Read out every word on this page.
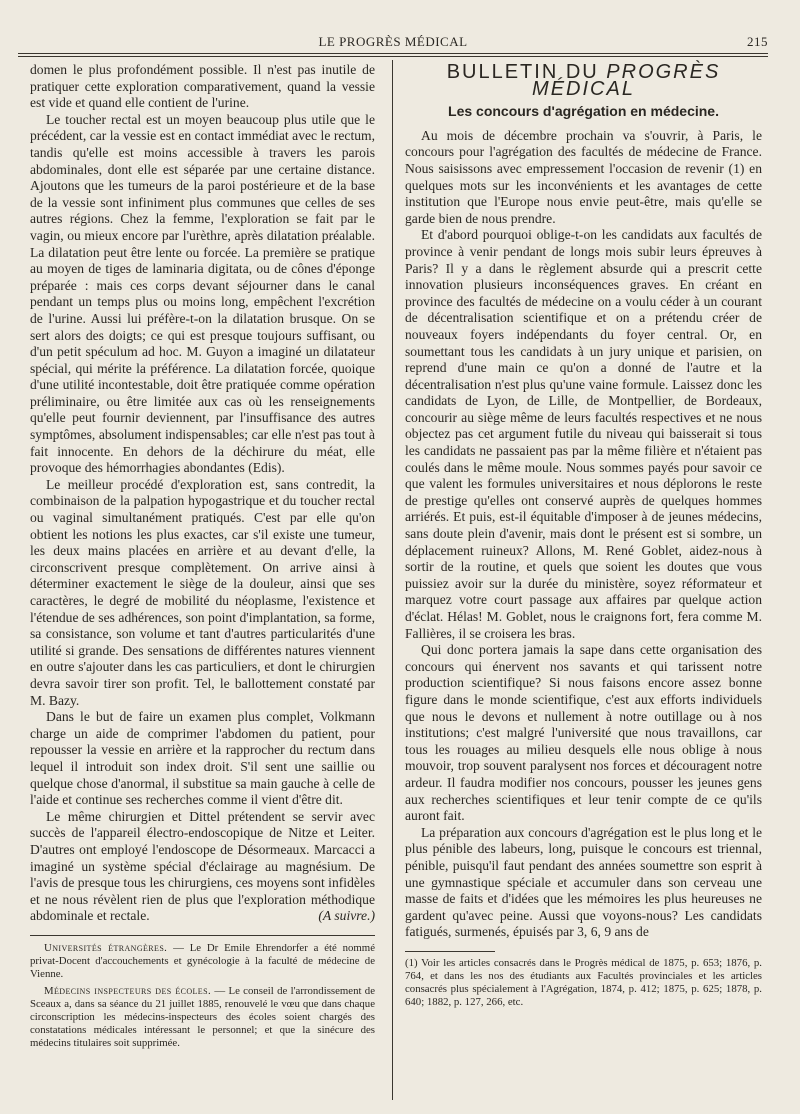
LE PROGRÈS MÉDICAL	215

domen le plus profondément possible. Il n'est pas inutile de pratiquer cette exploration comparativement, quand la vessie est vide et quand elle contient de l'urine.

Le toucher rectal est un moyen beaucoup plus utile que le précédent, car la vessie est en contact immédiat avec le rectum, tandis qu'elle est moins accessible à travers les parois abdominales, dont elle est séparée par une certaine distance. Ajoutons que les tumeurs de la paroi postérieure et de la base de la vessie sont infiniment plus communes que celles de ses autres régions. Chez la femme, l'exploration se fait par le vagin, ou mieux encore par l'urèthre, après dilatation préalable. La dilatation peut être lente ou forcée. La première se pratique au moyen de tiges de laminaria digitata, ou de cônes d'éponge préparée : mais ces corps devant séjourner dans le canal pendant un temps plus ou moins long, empêchent l'excrétion de l'urine. Aussi lui préfère-t-on la dilatation brusque. On se sert alors des doigts; ce qui est presque toujours suffisant, ou d'un petit spéculum ad hoc. M. Guyon a imaginé un dilatateur spécial, qui mérite la préférence. La dilatation forcée, quoique d'une utilité incontestable, doit être pratiquée comme opération préliminaire, ou être limitée aux cas où les renseignements qu'elle peut fournir deviennent, par l'insuffisance des autres symptômes, absolument indispensables; car elle n'est pas tout à fait innocente. En dehors de la déchirure du méat, elle provoque des hémorrhagies abondantes (Edis).

Le meilleur procédé d'exploration est, sans contredit, la combinaison de la palpation hypogastrique et du toucher rectal ou vaginal simultanément pratiqués. C'est par elle qu'on obtient les notions les plus exactes, car s'il existe une tumeur, les deux mains placées en arrière et au devant d'elle, la circonscrivent presque complètement. On arrive ainsi à déterminer exactement le siège de la douleur, ainsi que ses caractères, le degré de mobilité du néoplasme, l'existence et l'étendue de ses adhérences, son point d'implantation, sa forme, sa consistance, son volume et tant d'autres particularités d'une utilité si grande. Des sensations de différentes natures viennent en outre s'ajouter dans les cas particuliers, et dont le chirurgien devra savoir tirer son profit. Tel, le ballottement constaté par M. Bazy.

Dans le but de faire un examen plus complet, Volkmann charge un aide de comprimer l'abdomen du patient, pour repousser la vessie en arrière et la rapprocher du rectum dans lequel il introduit son index droit. S'il sent une saillie ou quelque chose d'anormal, il substitue sa main gauche à celle de l'aide et continue ses recherches comme il vient d'être dit.

Le même chirurgien et Dittel prétendent se servir avec succès de l'appareil électro-endoscopique de Nitze et Leiter. D'autres ont employé l'endoscope de Désormeaux. Marcacci a imaginé un système spécial d'éclairage au magnésium. De l'avis de presque tous les chirurgiens, ces moyens sont infidèles et ne nous révèlent rien de plus que l'exploration méthodique abdominale et rectale.	(A suivre.)

Universités étrangères. — Le Dr Emile Ehrendorfer a été nommé privat-Docent d'accouchements et gynécologie à la faculté de médecine de Vienne.

Médecins inspecteurs des écoles. — Le conseil de l'arrondissement de Sceaux a, dans sa séance du 21 juillet 1885, renouvelé le vœu que dans chaque circonscription les médecins-inspecteurs des écoles soient chargés des constatations médicales intéressant le personnel; et que la sinécure des médecins titulaires soit supprimée.

BULLETIN DU PROGRÈS MÉDICAL
Les concours d'agrégation en médecine.

Au mois de décembre prochain va s'ouvrir, à Paris, le concours pour l'agrégation des facultés de médecine de France. Nous saisissons avec empressement l'occasion de revenir (1) en quelques mots sur les inconvénients et les avantages de cette institution que l'Europe nous envie peut-être, mais qu'elle se garde bien de nous prendre.

Et d'abord pourquoi oblige-t-on les candidats aux facultés de province à venir pendant de longs mois subir leurs épreuves à Paris? Il y a dans le règlement absurde qui a prescrit cette innovation plusieurs inconséquences graves. En créant en province des facultés de médecine on a voulu céder à un courant de décentralisation scientifique et on a prétendu créer de nouveaux foyers indépendants du foyer central. Or, en soumettant tous les candidats à un jury unique et parisien, on reprend d'une main ce qu'on a donné de l'autre et la décentralisation n'est plus qu'une vaine formule. Laissez donc les candidats de Lyon, de Lille, de Montpellier, de Bordeaux, concourir au siège même de leurs facultés respectives et ne nous objectez pas cet argument futile du niveau qui baisserait si tous les candidats ne passaient pas par la même filière et n'étaient pas coulés dans le même moule. Nous sommes payés pour savoir ce que valent les formules universitaires et nous déplorons le reste de prestige qu'elles ont conservé auprès de quelques hommes arriérés. Et puis, est-il équitable d'imposer à de jeunes médecins, sans doute plein d'avenir, mais dont le présent est si sombre, un déplacement ruineux? Allons, M. René Goblet, aidez-nous à sortir de la routine, et quels que soient les doutes que vous puissiez avoir sur la durée du ministère, soyez réformateur et marquez votre court passage aux affaires par quelque action d'éclat. Hélas! M. Goblet, nous le craignons fort, fera comme M. Fallières, il se croisera les bras.

Qui donc portera jamais la sape dans cette organisation des concours qui énervent nos savants et qui tarissent notre production scientifique? Si nous faisons encore assez bonne figure dans le monde scientifique, c'est aux efforts individuels que nous le devons et nullement à notre outillage ou à nos institutions; c'est malgré l'université que nous travaillons, car tous les rouages au milieu desquels elle nous oblige à nous mouvoir, trop souvent paralysent nos forces et découragent notre ardeur. Il faudra modifier nos concours, pousser les jeunes gens aux recherches scientifiques et leur tenir compte de ce qu'ils auront fait.

La préparation aux concours d'agrégation est le plus long et le plus pénible des labeurs, long, puisque le concours est triennal, pénible, puisqu'il faut pendant des années soumettre son esprit à une gymnastique spéciale et accumuler dans son cerveau une masse de faits et d'idées que les mémoires les plus heureuses ne gardent qu'avec peine. Aussi que voyons-nous? Les candidats fatigués, surmenés, épuisés par 3, 6, 9 ans de

(1) Voir les articles consacrés dans le Progrès médical de 1875, p. 653; 1876, p. 764, et dans les nos des étudiants aux Facultés provinciales et les articles consacrés plus spécialement à l'Agrégation, 1874, p. 412; 1875, p. 625; 1878, p. 640; 1882, p. 127, 266, etc.
